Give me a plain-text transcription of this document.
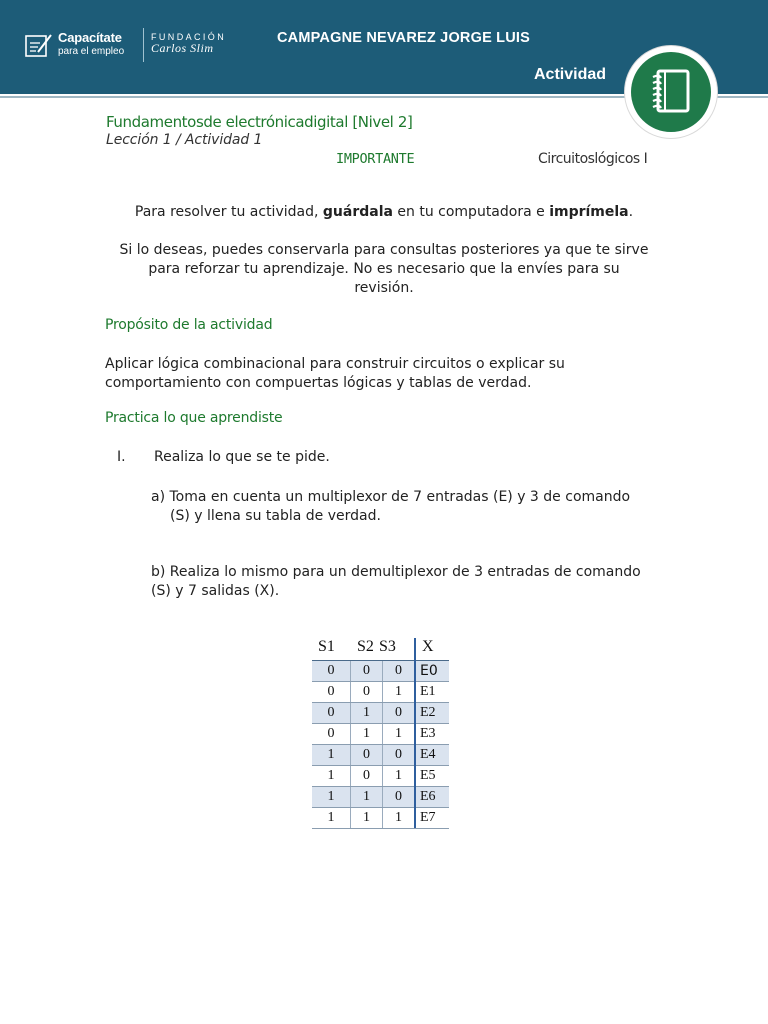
Capacítate
para el empleo
FUNDACIÓN
Carlos Slim
CAMPAGNE NEVAREZ JORGE LUIS
Actividad
Fundamentosde electrónicadigital [Nivel 2]
Lección 1 / Actividad 1
IMPORTANTE	Circuitoslógicos I
Para resolver tu actividad, guárdala en tu computadora e imprímela.
Si lo deseas, puedes conservarla para consultas posteriores ya que te sirve
para reforzar tu aprendizaje. No es necesario que la envíes para su
revisión.
Propósito de la actividad
Aplicar lógica combinacional para construir circuitos o explicar su
comportamiento con compuertas lógicas y tablas de verdad.
Practica lo que aprendiste
I. Realiza lo que se te pide.
a) Toma en cuenta un multiplexor de 7 entradas (E) y 3 de comando
(S) y llena su tabla de verdad.
b) Realiza lo mismo para un demultiplexor de 3 entradas de comando
(S) y 7 salidas (X).
S1 S2 S3 X
0	0	0	E0
0	0	1	E1
0	1	0	E2
0	1	1	E3
1	0	0	E4
1	0	1	E5
1	1	0	E6
1	1	1	E7
